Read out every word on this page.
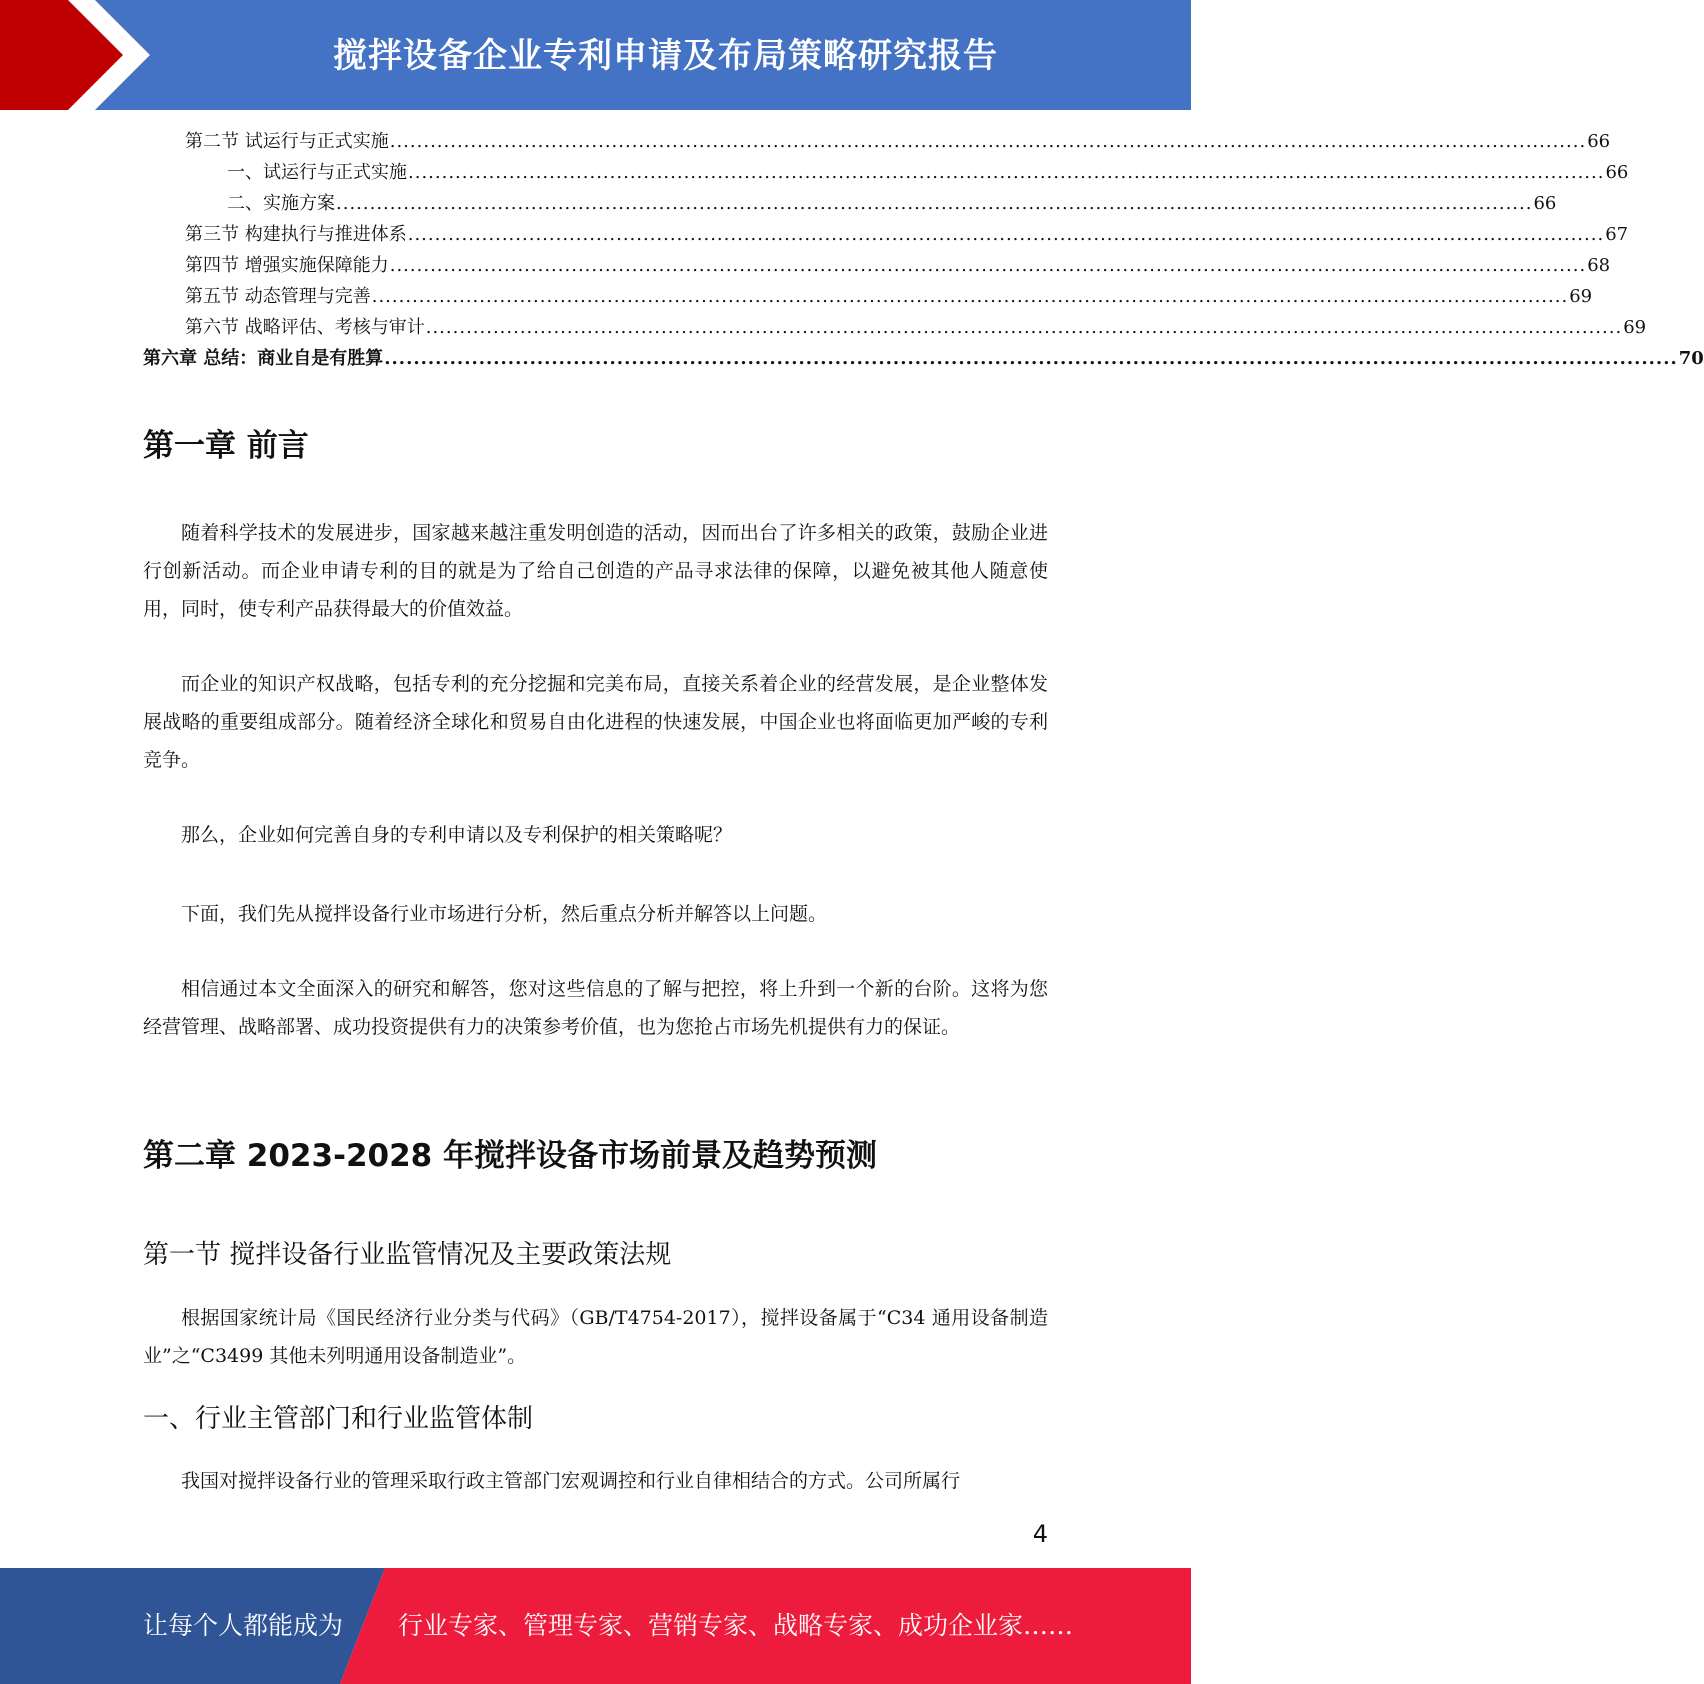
搅拌设备企业专利申请及布局策略研究报告
第二节 试运行与正式实施 .................................................................................................................................................................................. 66
一、试运行与正式实施 .................................................................................................................................................................................. 66
二、实施方案 .................................................................................................................................................................................. 66
第三节 构建执行与推进体系 .................................................................................................................................................................................. 67
第四节 增强实施保障能力 .................................................................................................................................................................................. 68
第五节 动态管理与完善 .................................................................................................................................................................................. 69
第六节 战略评估、考核与审计 .................................................................................................................................................................................. 69
第六章 总结：商业自是有胜算 .................................................................................................................................................................................. 70
第一章 前言

随着科学技术的发展进步，国家越来越注重发明创造的活动，因而出台了许多相关的政策，鼓励企业进行创新活动。而企业申请专利的目的就是为了给自己创造的产品寻求法律的保障，以避免被其他人随意使用，同时，使专利产品获得最大的价值效益。

而企业的知识产权战略，包括专利的充分挖掘和完美布局，直接关系着企业的经营发展，是企业整体发展战略的重要组成部分。随着经济全球化和贸易自由化进程的快速发展，中国企业也将面临更加严峻的专利竞争。

那么，企业如何完善自身的专利申请以及专利保护的相关策略呢？

下面，我们先从搅拌设备行业市场进行分析，然后重点分析并解答以上问题。

相信通过本文全面深入的研究和解答，您对这些信息的了解与把控，将上升到一个新的台阶。这将为您经营管理、战略部署、成功投资提供有力的决策参考价值，也为您抢占市场先机提供有力的保证。

第二章 2023-2028 年搅拌设备市场前景及趋势预测
第一节 搅拌设备行业监管情况及主要政策法规

根据国家统计局《国民经济行业分类与代码》（GB/T4754-2017），搅拌设备属于“C34 通用设备制造业”之“C3499 其他未列明通用设备制造业”。

一、行业主管部门和行业监管体制

我国对搅拌设备行业的管理采取行政主管部门宏观调控和行业自律相结合的方式。公司所属行

4
让每个人都能成为 行业专家、管理专家、营销专家、战略专家、成功企业家……
